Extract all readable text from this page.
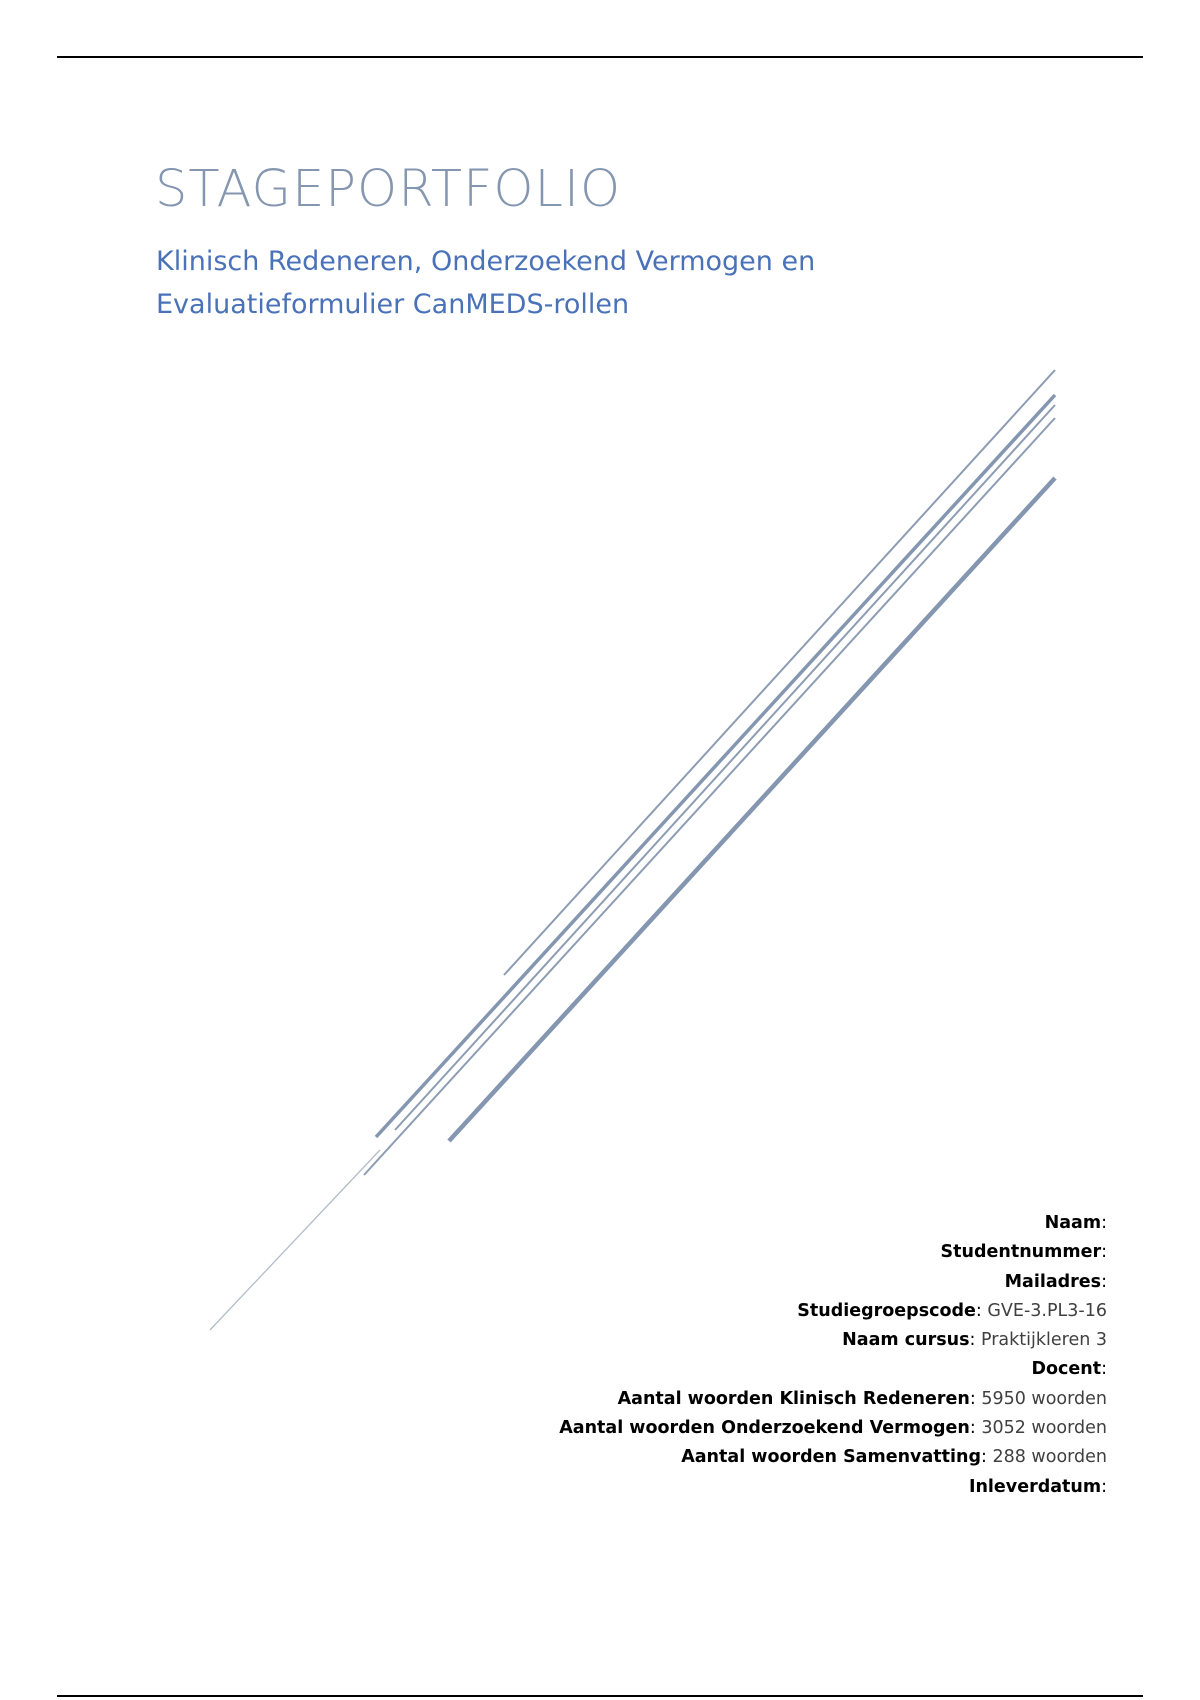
STAGEPORTFOLIO
Klinisch Redeneren, Onderzoekend Vermogen en
Evaluatieformulier CanMEDS-rollen
Naam:
Studentnummer:
Mailadres:
Studiegroepscode: GVE-3.PL3-16
Naam cursus: Praktijkleren 3
Docent:
Aantal woorden Klinisch Redeneren: 5950 woorden
Aantal woorden Onderzoekend Vermogen: 3052 woorden
Aantal woorden Samenvatting: 288 woorden
Inleverdatum:
